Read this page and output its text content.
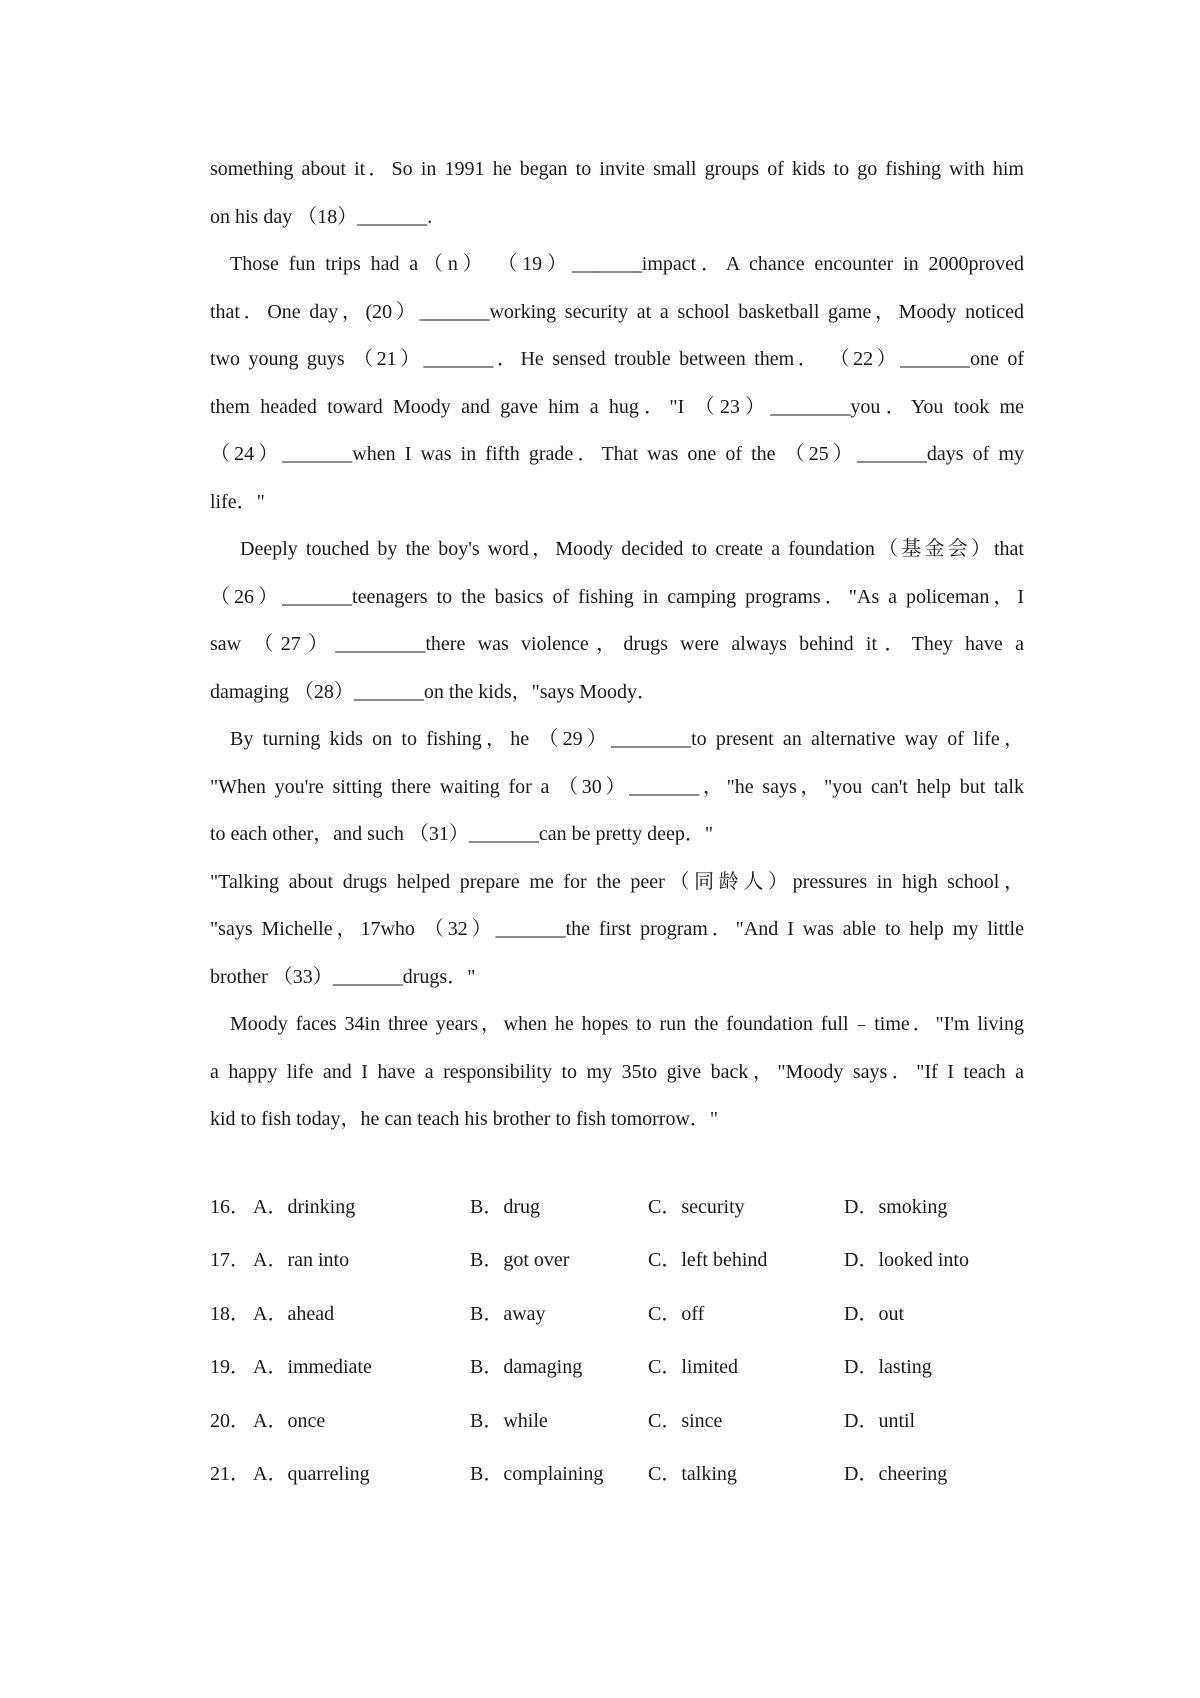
something about it．So in 1991 he began to invite small groups of kids to go fishing with him

on his day （18）_______.

Those fun trips had a（n） （19）_______impact．A chance encounter in 2000proved

that．One day，(20）_______working security at a school basketball game，Moody noticed

two young guys （21）_______．He sensed trouble between them． （22）_______one of

them headed toward Moody and gave him a hug．"I （23）________you．You took me

（24）_______when I was in fifth grade．That was one of the （25）_______days of my

life．"

Deeply touched by the boy's word，Moody decided to create a foundation（基金会）that

（26）_______teenagers to the basics of fishing in camping programs．"As a policeman，I

saw （27）_________there was violence，drugs were always behind it．They have a

damaging （28）_______on the kids，"says Moody．

By turning kids on to fishing，he （29）________to present an alternative way of life，

"When you're sitting there waiting for a （30）_______，"he says，"you can't help but talk

to each other，and such （31）_______can be pretty deep．"

"Talking about drugs helped prepare me for the peer（同龄人）pressures in high school，

"says Michelle，17who （32）_______the first program．"And I was able to help my little

brother （33）_______drugs．"

Moody faces 34in three years，when he hopes to run the foundation full﹣time．"I'm living

a happy life and I have a responsibility to my 35to give back，"Moody says．"If I teach a

kid to fish today，he can teach his brother to fish tomorrow．"

16． A．drinking	B．drug	C．security	D．smoking
17． A．ran into	B．got over	C．left behind	D．looked into
18． A．ahead	B．away	C．off	D．out
19． A．immediate	B．damaging	C．limited	D．lasting
20． A．once	B．while	C．since	D．until
21． A．quarreling	B．complaining C．talking	D．cheering
